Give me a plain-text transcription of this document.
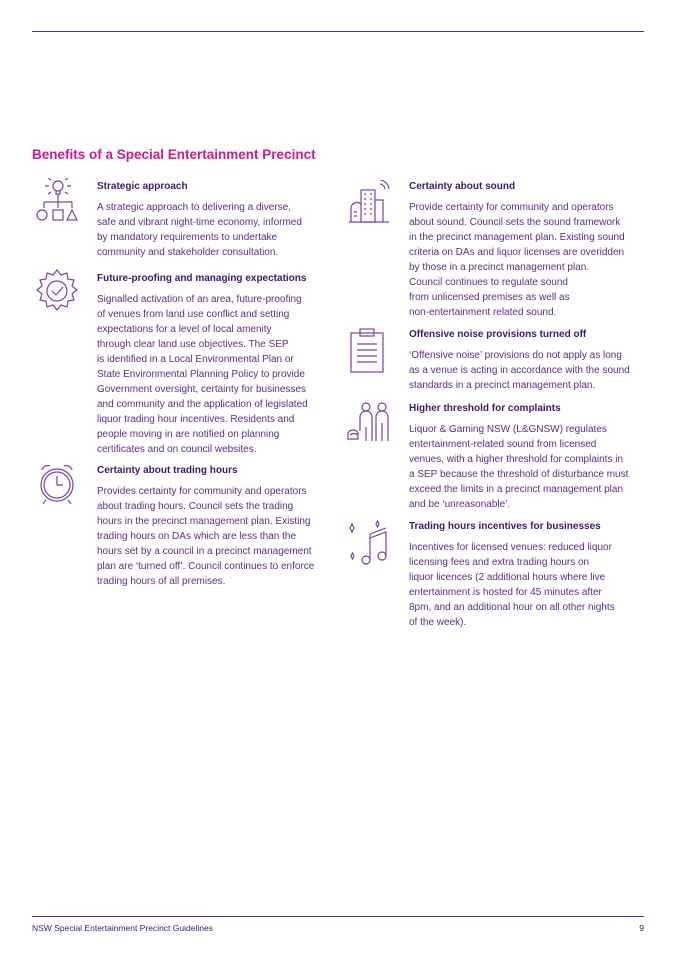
Benefits of a Special Entertainment Precinct
Strategic approach

A strategic approach to delivering a diverse,
safe and vibrant night-time economy, informed
by mandatory requirements to undertake
community and stakeholder consultation.

Future-proofing and managing expectations

Signalled activation of an area, future-proofing
of venues from land use conflict and setting
expectations for a level of local amenity
through clear land use objectives. The SEP
is identified in a Local Environmental Plan or
State Environmental Planning Policy to provide
Government oversight, certainty for businesses
and community and the application of legislated
liquor trading hour incentives. Residents and
people moving in are notified on planning
certificates and on council websites.

Certainty about trading hours

Provides certainty for community and operators
about trading hours. Council sets the trading
hours in the precinct management plan. Existing
trading hours on DAs which are less than the
hours set by a council in a precinct management
plan are ‘turned off’. Council continues to enforce
trading hours of all premises.

Certainty about sound

Provide certainty for community and operators
about sound. Council sets the sound framework
in the precinct management plan. Existing sound
criteria on DAs and liquor licenses are overidden
by those in a precinct management plan.
Council continues to regulate sound
from unlicensed premises as well as
non-entertainment related sound.

Offensive noise provisions turned off

‘Offensive noise’ provisions do not apply as long
as a venue is acting in accordance with the sound
standards in a precinct management plan.

Higher threshold for complaints

Liquor & Gaming NSW (L&GNSW) regulates
entertainment-related sound from licensed
venues, with a higher threshold for complaints in
a SEP because the threshold of disturbance must
exceed the limits in a precinct management plan
and be ‘unreasonable’.

Trading hours incentives for businesses

Incentives for licensed venues: reduced liquor
licensing fees and extra trading hours on
liquor licences (2 additional hours where live
entertainment is hosted for 45 minutes after
8pm, and an additional hour on all other nights
of the week).

NSW Special Entertainment Precinct Guidelines	9
